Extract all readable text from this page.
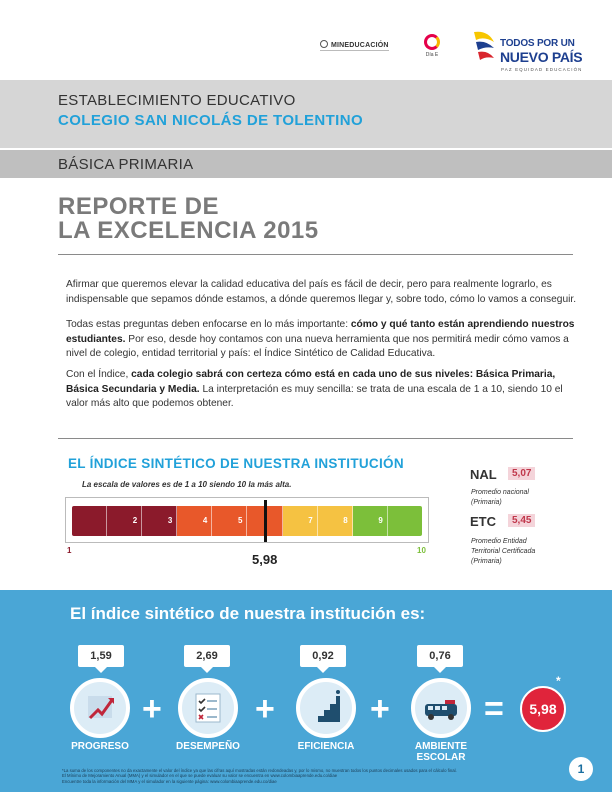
MINEDUCACIÓN
Día E
TODOS POR UN
NUEVO PAÍS
PAZ EQUIDAD EDUCACIÓN
ESTABLECIMIENTO EDUCATIVO
COLEGIO SAN NICOLÁS DE TOLENTINO
BÁSICA PRIMARIA
REPORTE DE
LA EXCELENCIA 2015

Afirmar que queremos elevar la calidad educativa del país es fácil de decir, pero para realmente lograrlo, es indispensable que sepamos dónde estamos, a dónde queremos llegar y, sobre todo, cómo lo vamos a conseguir.

Todas estas preguntas deben enfocarse en lo más importante: cómo y qué tanto están aprendiendo nuestros estudiantes. Por eso, desde hoy contamos con una nueva herramienta que nos permitirá medir cómo vamos a nivel de colegio, entidad territorial y país: el Índice Sintético de Calidad Educativa.

Con el Índice, cada colegio sabrá con certeza cómo está en cada uno de sus niveles: Básica Primaria, Básica Secundaria y Media. La interpretación es muy sencilla: se trata de una escala de 1 a 10, siendo 10 el valor más alto que podemos obtener.

EL ÍNDICE SINTÉTICO DE NUESTRA INSTITUCIÓN
La escala de valores es de 1 a 10 siendo 10 la más alta.
2	3	4	5	7	8	9
1	10
5,98
NAL	5,07
Promedio nacional
(Primaria)
ETC	5,45
Promedio Entidad
Territorial Certificada
(Primaria)
El índice sintético de nuestra institución es:
1,59	2,69	0,92	0,76
+	+	+	=	5,98
*
PROGRESO	DESEMPEÑO	EFICIENCIA	AMBIENTE
ESCOLAR
*La suma de los componentes no da exactamente el valor del índice ya que las cifras aquí mostradas están redondeadas y, por lo mismo, no muestran todos los puntos decimales usados para el cálculo final.
El Mínimo de Mejoramiento Anual (MMA) y el simulador en el que se puede evaluar su valor se encuentra en www.colombiaaprende.edu.co/diae
Encuentre toda la información del MMA y el simulador en la siguiente página: www.colombiaaprende.edu.co/diae
1
